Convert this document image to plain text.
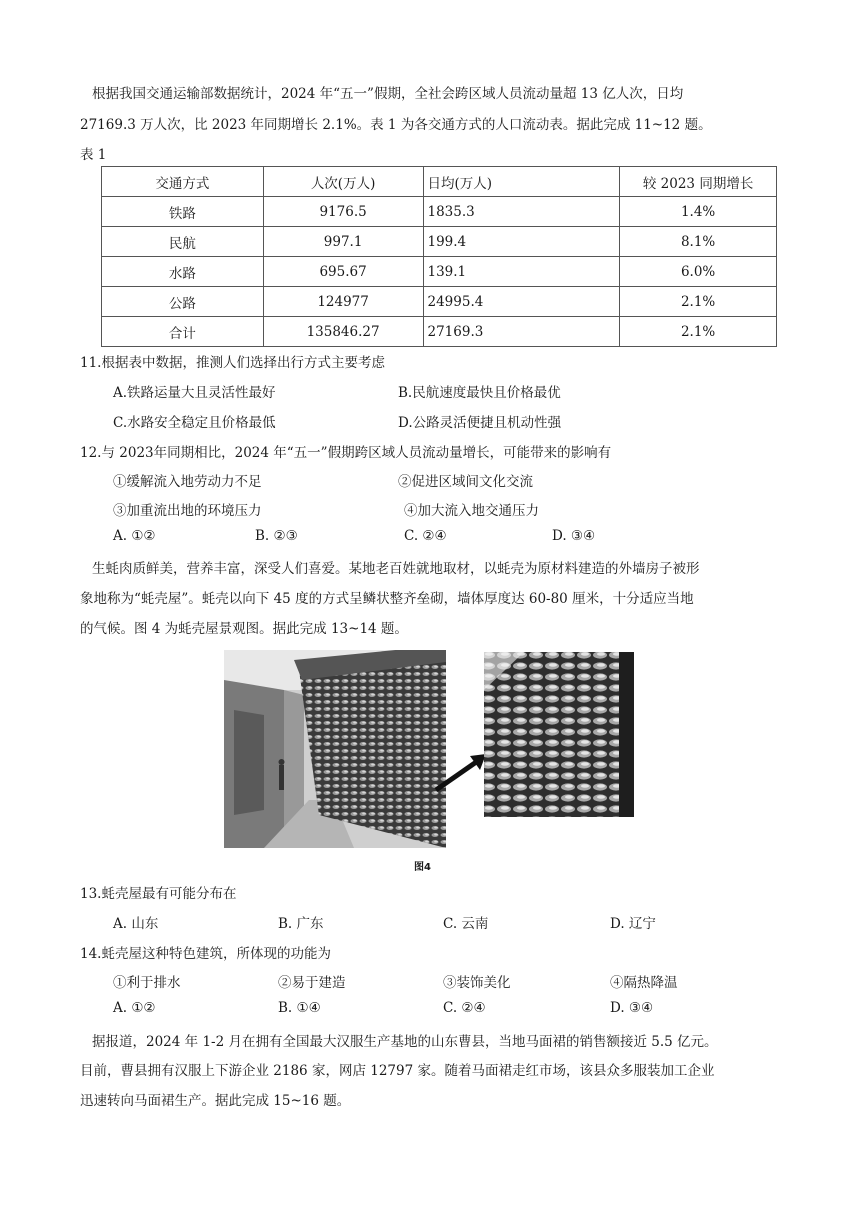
根据我国交通运输部数据统计，2024 年“五一”假期，全社会跨区域人员流动量超 13 亿人次，日均
27169.3 万人次，比 2023 年同期增长 2.1%。表 1 为各交通方式的人口流动表。据此完成 11~12 题。
表 1
交通方式	人次(万人)	日均(万人)	较 2023 同期增长
铁路	9176.5	1835.3	1.4%
民航	997.1	199.4	8.1%
水路	695.67	139.1	6.0%
公路	124977	24995.4	2.1%
合计	135846.27	27169.3	2.1%
11.根据表中数据，推测人们选择出行方式主要考虑
A.铁路运量大且灵活性最好	B.民航速度最快且价格最优
C.水路安全稳定且价格最低	D.公路灵活便捷且机动性强
12.与 2023年同期相比，2024 年“五一”假期跨区域人员流动量增长，可能带来的影响有
①缓解流入地劳动力不足	②促进区域间文化交流
③加重流出地的环境压力	④加大流入地交通压力
A. ①②	B. ②③	C. ②④	D. ③④
生蚝肉质鲜美，营养丰富，深受人们喜爱。某地老百姓就地取材，以蚝壳为原材料建造的外墙房子被形
象地称为“蚝壳屋”。蚝壳以向下 45 度的方式呈鳞状整齐垒砌，墙体厚度达 60-80 厘米，十分适应当地
的气候。图 4 为蚝壳屋景观图。据此完成 13~14 题。
图4
13.蚝壳屋最有可能分布在
A. 山东	B. 广东	C. 云南	D. 辽宁
14.蚝壳屋这种特色建筑，所体现的功能为
①利于排水	②易于建造	③装饰美化	④隔热降温
A. ①②	B. ①④	C. ②④	D. ③④
据报道，2024 年 1-2 月在拥有全国最大汉服生产基地的山东曹县，当地马面裙的销售额接近 5.5 亿元。
目前，曹县拥有汉服上下游企业 2186 家，网店 12797 家。随着马面裙走红市场，该县众多服装加工企业
迅速转向马面裙生产。据此完成 15~16 题。
